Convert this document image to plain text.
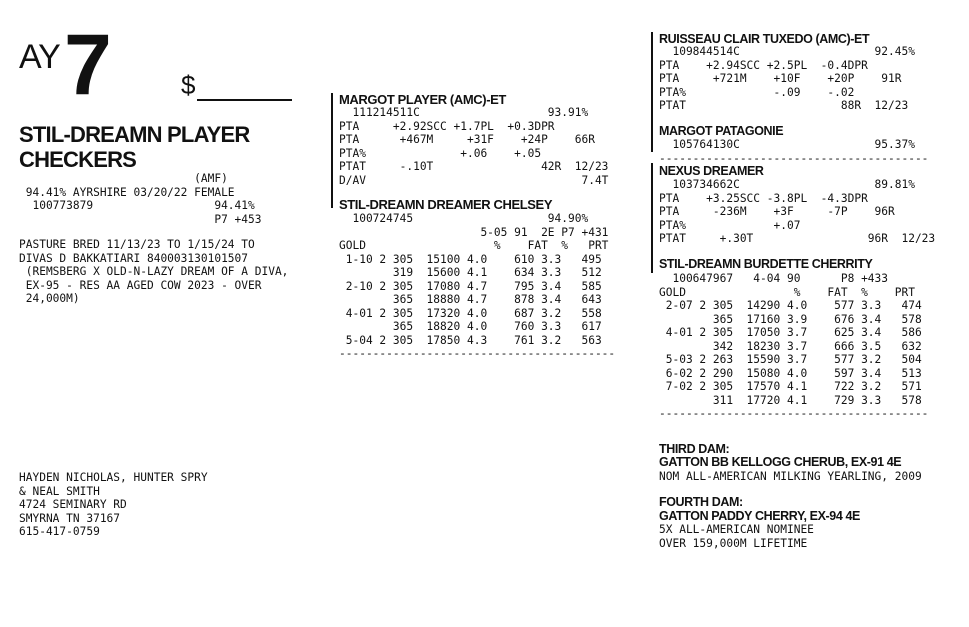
AY 7	$
STIL-DREAMN PLAYER
CHECKERS
(AMF)
94.41% AYRSHIRE 03/20/22 FEMALE
100773879                  94.41%
P7 +453
PASTURE BRED 11/13/23 TO 1/15/24 TO
DIVAS D BAKKATIARI 840003130101507
(REMSBERG X OLD-N-LAZY DREAM OF A DIVA,
EX-95 - RES AA AGED COW 2023 - OVER
24,000M)
HAYDEN NICHOLAS, HUNTER SPRY
& NEAL SMITH
4724 SEMINARY RD
SMYRNA TN 37167
615-417-0759
MARGOT PLAYER (AMC)-ET
111214511C                   93.91%
PTA     +2.92SCC +1.7PL  +0.3DPR
PTA      +467M     +31F    +24P    66R
PTA%              +.06    +.05
PTAT     -.10T                42R  12/23
D/AV                                7.4T
STIL-DREAMN DREAMER CHELSEY
100724745                    94.90%
5-05 91  2E P7 +431
GOLD                   %    FAT  %   PRT
1-10 2 305  15100 4.0    610 3.3   495
319  15600 4.1    634 3.3   512
2-10 2 305  17080 4.7    795 3.4   585
365  18880 4.7    878 3.4   643
4-01 2 305  17320 4.0    687 3.2   558
365  18820 4.0    760 3.3   617
5-04 2 305  17850 4.3    761 3.2   563
-----------------------------------------
RUISSEAU CLAIR TUXEDO (AMC)-ET
109844514C                    92.45%
PTA    +2.94SCC +2.5PL  -0.4DPR
PTA     +721M    +10F    +20P    91R
PTA%             -.09    -.02
PTAT                       88R  12/23
MARGOT PATAGONIE
105764130C                    95.37%
----------------------------------------
NEXUS DREAMER
103734662C                    89.81%
PTA    +3.25SCC -3.8PL  -4.3DPR
PTA     -236M    +3F     -7P    96R
PTA%             +.07
PTAT     +.30T                 96R  12/23
STIL-DREAMN BURDETTE CHERRITY
100647967   4-04 90      P8 +433
GOLD                %    FAT  %    PRT
2-07 2 305  14290 4.0    577 3.3   474
365  17160 3.9    676 3.4   578
4-01 2 305  17050 3.7    625 3.4   586
342  18230 3.7    666 3.5   632
5-03 2 263  15590 3.7    577 3.2   504
6-02 2 290  15080 4.0    597 3.4   513
7-02 2 305  17570 4.1    722 3.2   571
311  17720 4.1    729 3.3   578
----------------------------------------
THIRD DAM:
GATTON BB KELLOGG CHERUB, EX-91 4E
NOM ALL-AMERICAN MILKING YEARLING, 2009
FOURTH DAM:
GATTON PADDY CHERRY, EX-94 4E
5X ALL-AMERICAN NOMINEE
OVER 159,000M LIFETIME
